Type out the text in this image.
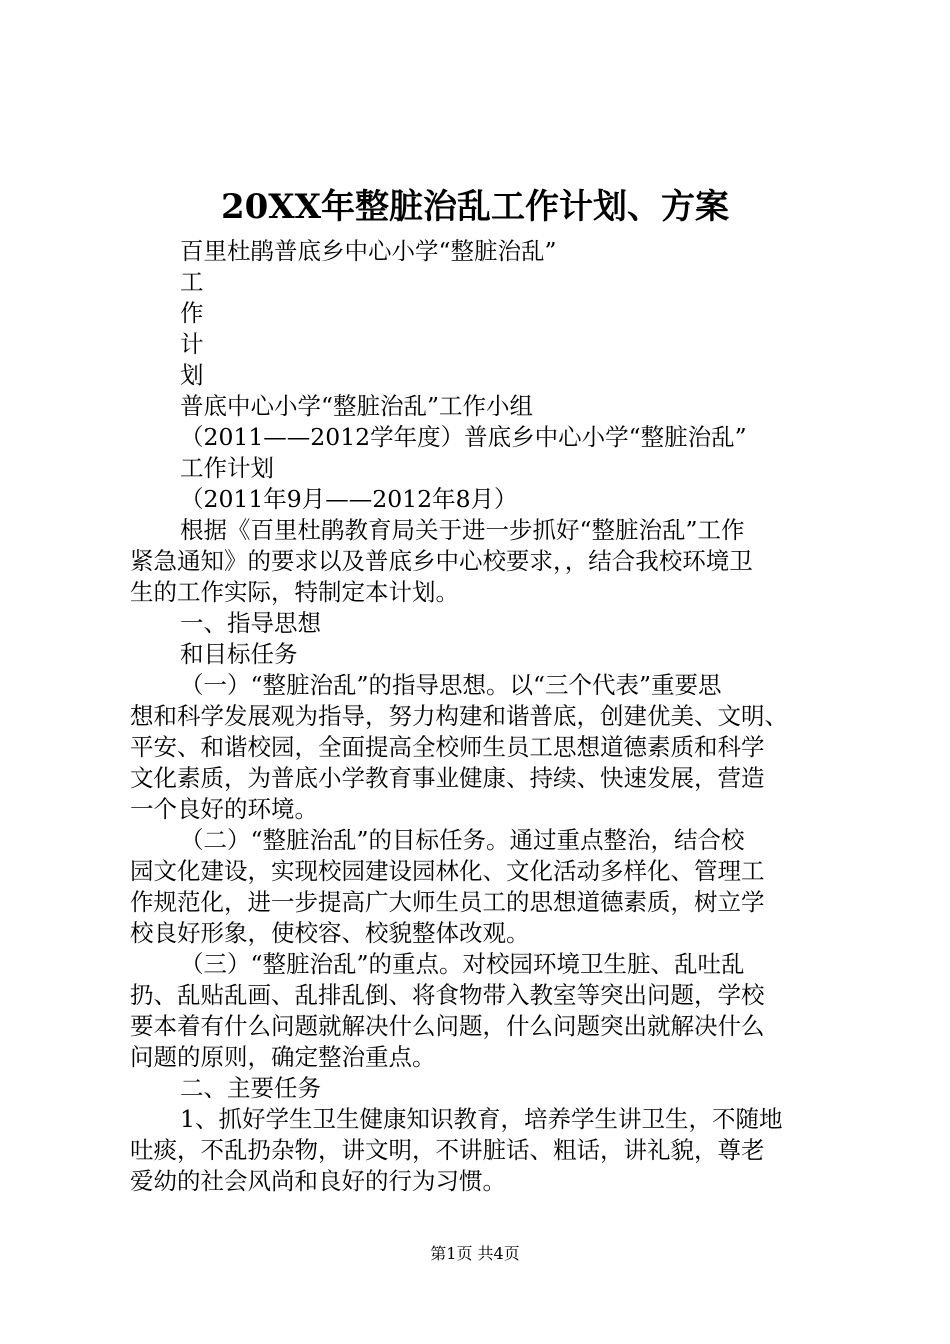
20XX年整脏治乱工作计划、方案
百里杜鹃普底乡中心小学“整脏治乱”
工
作
计
划
普底中心小学“整脏治乱”工作小组
（2011——2012学年度）普底乡中心小学“整脏治乱”
工作计划
（2011年9月——2012年8月）
根据《百里杜鹃教育局关于进一步抓好“整脏治乱”工作
紧急通知》的要求以及普底乡中心校要求，，结合我校环境卫
生的工作实际，特制定本计划。
一、指导思想
和目标任务
（一）“整脏治乱”的指导思想。以“三个代表”重要思
想和科学发展观为指导，努力构建和谐普底，创建优美、文明、
平安、和谐校园，全面提高全校师生员工思想道德素质和科学
文化素质，为普底小学教育事业健康、持续、快速发展，营造
一个良好的环境。
（二）“整脏治乱”的目标任务。通过重点整治，结合校
园文化建设，实现校园建设园林化、文化活动多样化、管理工
作规范化，进一步提高广大师生员工的思想道德素质，树立学
校良好形象，使校容、校貌整体改观。
（三）“整脏治乱”的重点。对校园环境卫生脏、乱吐乱
扔、乱贴乱画、乱排乱倒、将食物带入教室等突出问题，学校
要本着有什么问题就解决什么问题，什么问题突出就解决什么
问题的原则，确定整治重点。
二、主要任务
1、抓好学生卫生健康知识教育，培养学生讲卫生，不随地
吐痰，不乱扔杂物，讲文明，不讲脏话、粗话，讲礼貌，尊老
爱幼的社会风尚和良好的行为习惯。
第1页 共4页
